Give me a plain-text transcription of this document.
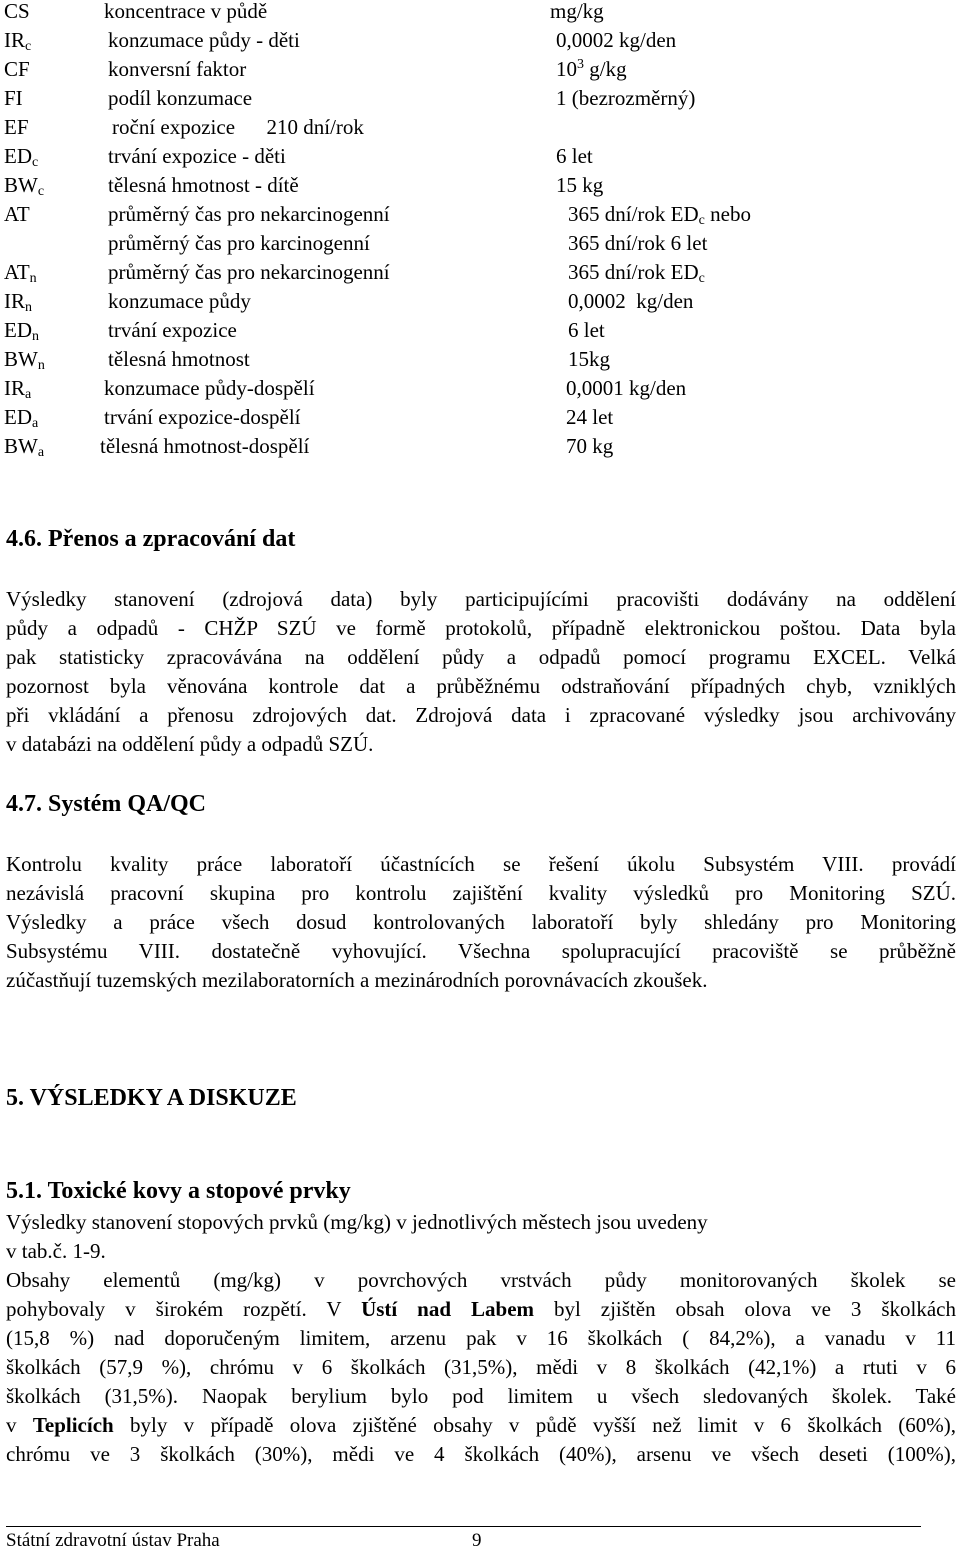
CS	koncentrace v půdě	mg/kg
$IR_c$	konzumace půdy - děti	0,0002 kg/den
CF	konversní faktor	$10^3$ g/kg
FI	podíl konzumace	1 (bezrozměrný)
EF	roční expozice      210 dní/rok
$ED_c$	trvání expozice - děti	6 let
$BW_c$	tělesná hmotnost - dítě	15 kg
AT	průměrný čas pro nekarcinogenní	365 dní/rok $ED_c$ nebo
průměrný čas pro karcinogenní	365 dní/rok 6 let
$AT_n$	průměrný čas pro nekarcinogenní	365 dní/rok $ED_c$
$IR_n$	konzumace půdy	0,0002  kg/den
$ED_n$	trvání expozice	6 let
$BW_n$	tělesná hmotnost	15kg
$IR_a$	konzumace půdy-dospělí	0,0001 kg/den
$ED_a$	trvání expozice-dospělí	24 let
$BW_a$	tělesná hmotnost-dospělí	70 kg
4.6. Přenos a zpracování dat
Výsledky stanovení (zdrojová data) byly participujícími pracovišti dodávány na oddělení
půdy a odpadů - CHŽP SZÚ ve formě protokolů, případně elektronickou poštou. Data byla
pak statisticky zpracovávána na oddělení půdy a odpadů pomocí programu EXCEL. Velká
pozornost byla věnována kontrole dat a průběžnému odstraňování případných chyb, vzniklých
při vkládání a přenosu zdrojových dat. Zdrojová data i zpracované výsledky jsou archivovány
v databázi na oddělení půdy a odpadů SZÚ.
4.7. Systém QA/QC
Kontrolu kvality práce laboratoří účastnících se řešení úkolu Subsystém VIII. provádí
nezávislá pracovní skupina pro kontrolu zajištění kvality výsledků pro Monitoring SZÚ.
Výsledky a práce všech dosud kontrolovaných laboratoří byly shledány pro Monitoring
Subsystému VIII. dostatečně vyhovující. Všechna spolupracující pracoviště se průběžně
zúčastňují tuzemských mezilaboratorních a mezinárodních porovnávacích zkoušek.
5. VÝSLEDKY A DISKUZE
5.1. Toxické kovy a stopové prvky
Výsledky stanovení stopových prvků (mg/kg) v jednotlivých městech jsou uvedeny
v tab.č. 1-9.
Obsahy elementů (mg/kg) v povrchových vrstvách půdy monitorovaných školek se
pohybovaly v širokém rozpětí. V Ústí nad Labem byl zjištěn obsah olova ve 3 školkách
(15,8 %) nad doporučeným limitem, arzenu pak v 16 školkách ( 84,2%), a vanadu v 11
školkách (57,9 %), chrómu v 6 školkách (31,5%), mědi v 8 školkách (42,1%) a rtuti v 6
školkách (31,5%). Naopak berylium bylo pod limitem u všech sledovaných školek. Také
v Teplicích byly v případě olova zjištěné obsahy v půdě vyšší než limit v 6 školkách (60%),
chrómu ve 3 školkách (30%), mědi ve 4 školkách (40%), arsenu ve všech deseti (100%),
Státní zdravotní ústav Praha	9
